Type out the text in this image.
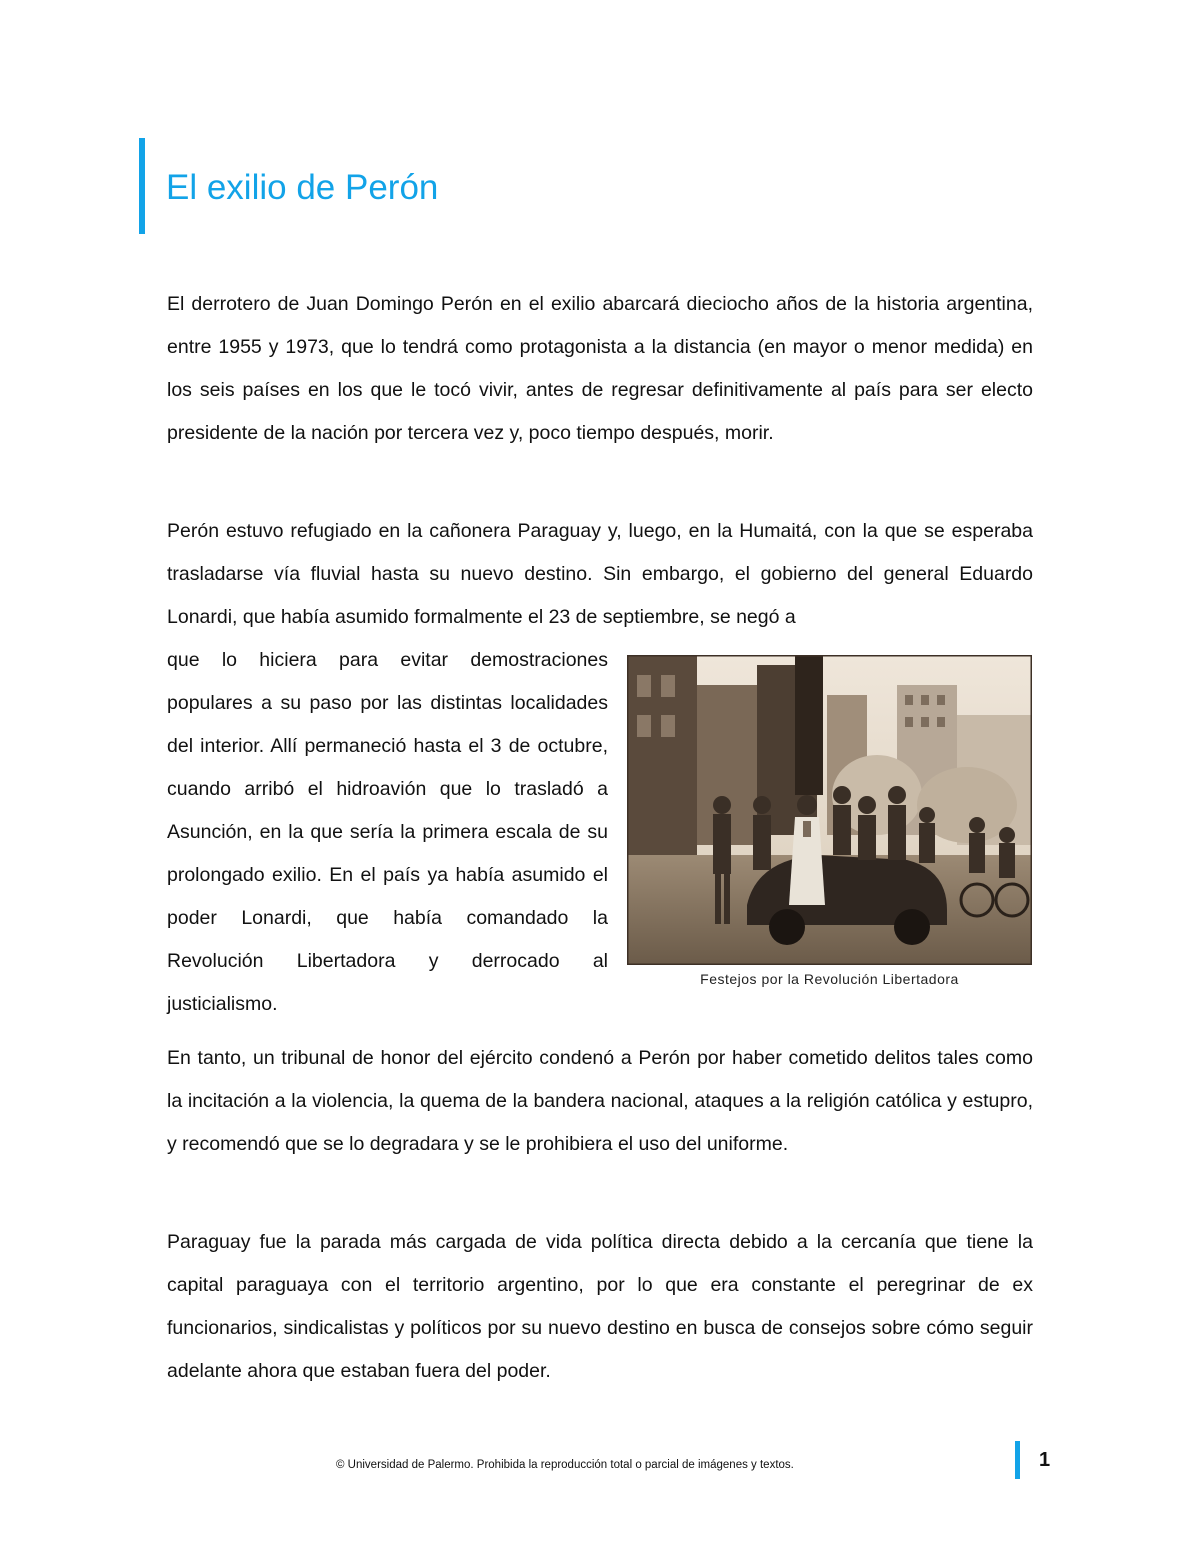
El exilio de Perón

El derrotero de Juan Domingo Perón en el exilio abarcará dieciocho años de la historia argentina, entre 1955 y 1973, que lo tendrá como protagonista a la distancia (en mayor o menor medida) en los seis países en los que le tocó vivir, antes de regresar definitivamente al país para ser electo presidente de la nación por tercera vez y, poco tiempo después, morir.

Perón estuvo refugiado en la cañonera Paraguay y, luego, en la Humaitá, con la que se esperaba trasladarse vía fluvial hasta su nuevo destino. Sin embargo, el gobierno del general Eduardo Lonardi, que había asumido formalmente el 23 de septiembre, se negó a

que lo hiciera para evitar demostraciones populares a su paso por las distintas localidades del interior. Allí permaneció hasta el 3 de octubre, cuando arribó el hidroavión que lo trasladó a Asunción, en la que sería la primera escala de su prolongado exilio. En el país ya había asumido el poder Lonardi, que había comandado la Revolución Libertadora y derrocado al justicialismo.

Festejos por la Revolución Libertadora

En tanto, un tribunal de honor del ejército condenó a Perón por haber cometido delitos tales como la incitación a la violencia, la quema de la bandera nacional, ataques a la religión católica y estupro, y recomendó que se lo degradara y se le prohibiera el uso del uniforme.

Paraguay fue la parada más cargada de vida política directa debido a la cercanía que tiene la capital paraguaya con el territorio argentino, por lo que era constante el peregrinar de ex funcionarios, sindicalistas y políticos por su nuevo destino en busca de consejos sobre cómo seguir adelante ahora que estaban fuera del poder.

© Universidad de Palermo. Prohibida la reproducción total o parcial de imágenes y textos.	1
